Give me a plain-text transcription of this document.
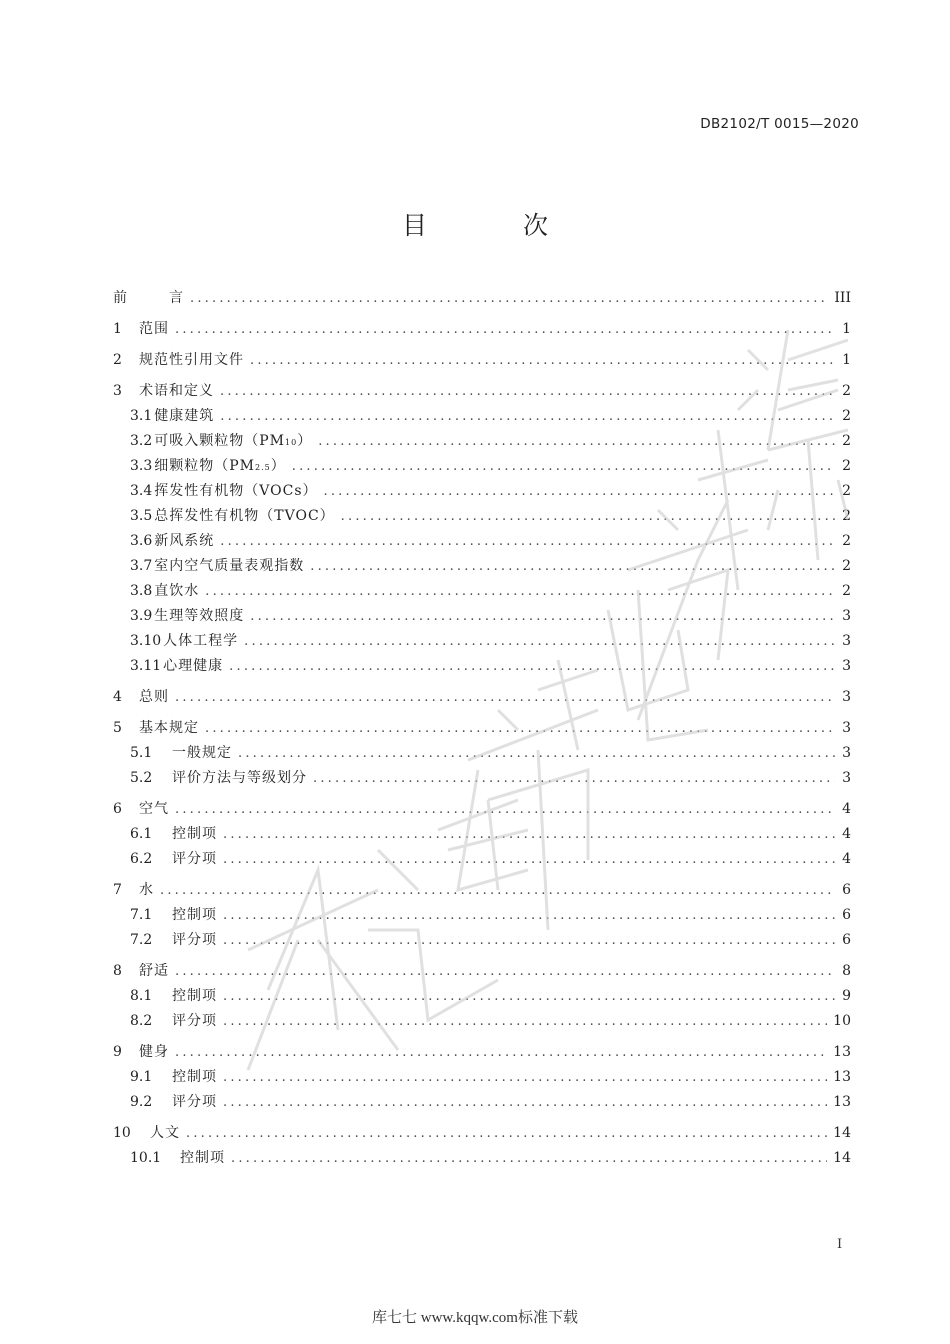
DB2102/T 0015—2020
目 次
前	言 .....	III
1	范围 .....	1
2	规范性引用文件 .....	1
3	术语和定义 .....	2
3.1 健康建筑 .....	2
3.2 可吸入颗粒物（PM10） .....	2
3.3 细颗粒物（PM2.5） .....	2
3.4 挥发性有机物（VOCs） .....	2
3.5 总挥发性有机物（TVOC） .....	2
3.6 新风系统 .....	2
3.7 室内空气质量表观指数 .....	2
3.8 直饮水 .....	2
3.9 生理等效照度 .....	3
3.10 人体工程学 .....	3
3.11 心理健康 .....	3
4	总则 .....	3
5	基本规定 .....	3
5.1	一般规定 .....	3
5.2	评价方法与等级划分 .....	3
6	空气 .....	4
6.1	控制项 .....	4
6.2	评分项 .....	4
7	水 .....	6
7.1	控制项 .....	6
7.2	评分项 .....	6
8	舒适 .....	8
8.1	控制项 .....	9
8.2	评分项 .....	10
9	健身 .....	13
9.1	控制项 .....	13
9.2	评分项 .....	13
10	人文 .....	14
10.1	控制项 .....	14
I
库七七 www.kqqw.com标准下载
